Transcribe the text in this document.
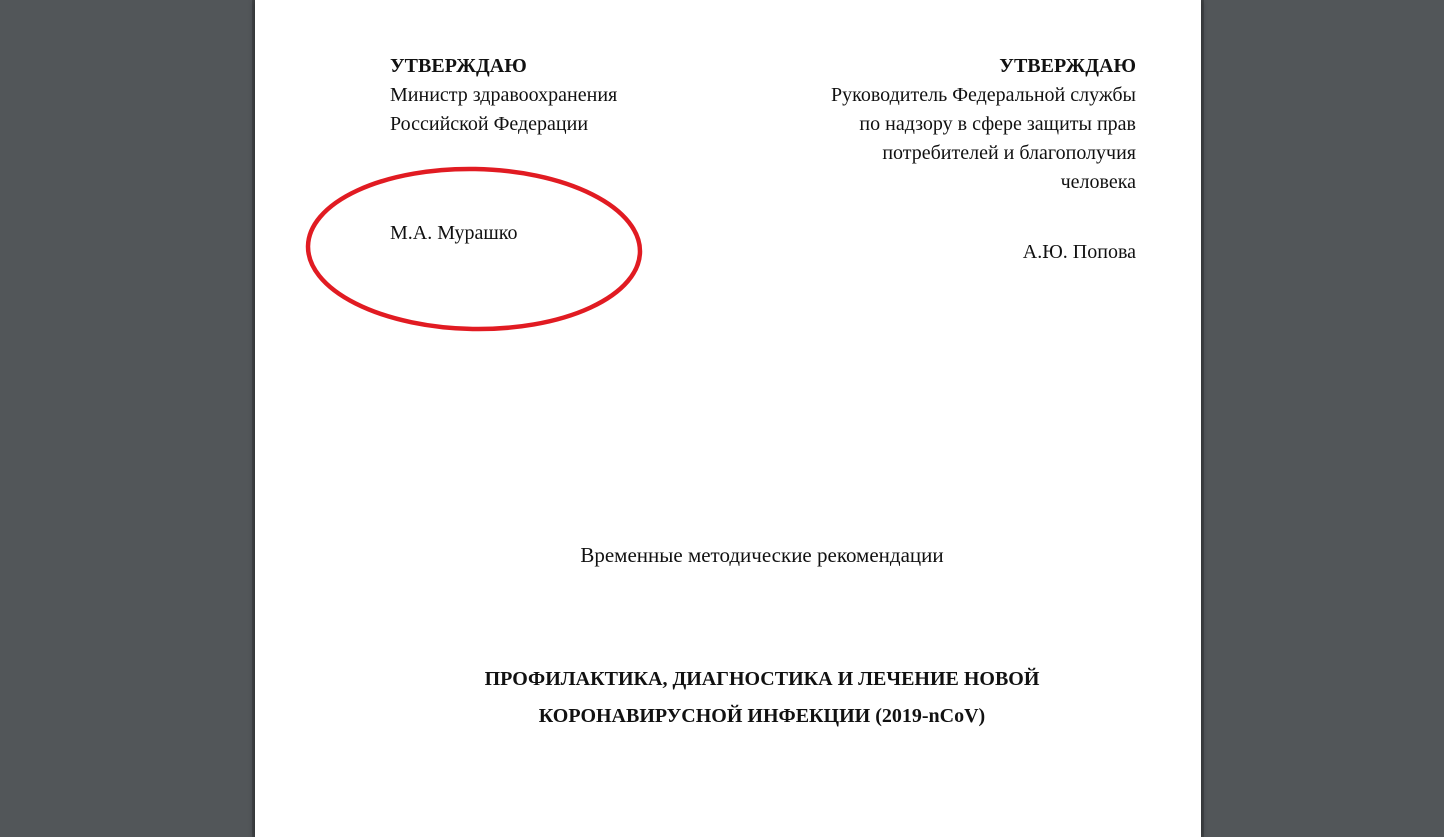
УТВЕРЖДАЮ
Министр здравоохранения
Российской Федерации
М.А. Мурашко
УТВЕРЖДАЮ
Руководитель Федеральной службы
по надзору в сфере защиты прав
потребителей и благополучия
человека
А.Ю. Попова
Временные методические рекомендации
ПРОФИЛАКТИКА, ДИАГНОСТИКА И ЛЕЧЕНИЕ НОВОЙ
КОРОНАВИРУСНОЙ ИНФЕКЦИИ (2019-nCoV)
